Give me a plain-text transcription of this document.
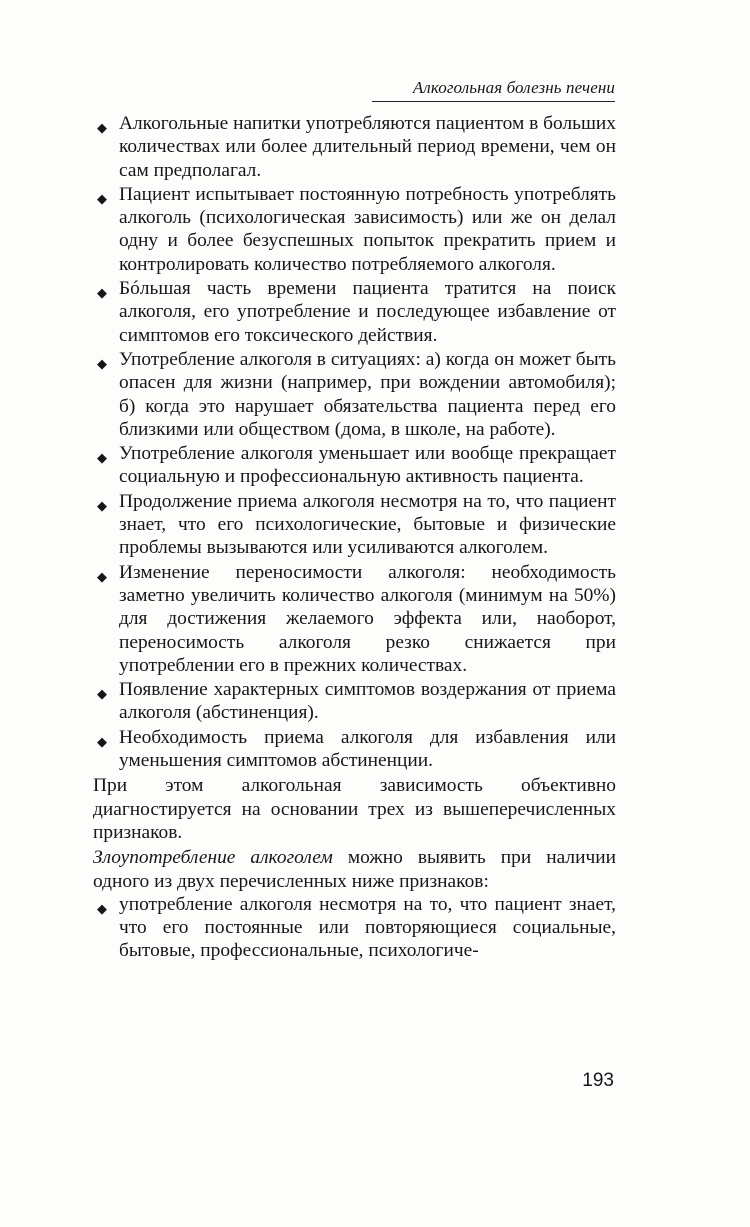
Алкогольная болезнь печени
◆ Алкогольные напитки употребляются пациентом в больших количествах или более длительный период времени, чем он сам предполагал.
◆ Пациент испытывает постоянную потребность употреблять алкоголь (психологическая зависимость) или же он делал одну и более безуспешных попыток прекратить прием и контролировать количество потребляемого алкоголя.
◆ Бóльшая часть времени пациента тратится на поиск алкоголя, его употребление и последующее избавление от симптомов его токсического действия.
◆ Употребление алкоголя в ситуациях: а) когда он может быть опасен для жизни (например, при вождении автомобиля); б) когда это нарушает обязательства пациента перед его близкими или обществом (дома, в школе, на работе).
◆ Употребление алкоголя уменьшает или вообще прекращает социальную и профессиональную активность пациента.
◆ Продолжение приема алкоголя несмотря на то, что пациент знает, что его психологические, бытовые и физические проблемы вызываются или усиливаются алкоголем.
◆ Изменение переносимости алкоголя: необходимость заметно увеличить количество алкоголя (минимум на 50%) для достижения желаемого эффекта или, наоборот, переносимость алкоголя резко снижается при употреблении его в прежних количествах.
◆ Появление характерных симптомов воздержания от приема алкоголя (абстиненция).
◆ Необходимость приема алкоголя для избавления или уменьшения симптомов абстиненции.

При этом алкогольная зависимость объективно диагностируется на основании трех из вышеперечисленных признаков.

Злоупотребление алкоголем можно выявить при наличии одного из двух перечисленных ниже признаков:

◆ употребление алкоголя несмотря на то, что пациент знает, что его постоянные или повторяющиеся социальные, бытовые, профессиональные, психологиче-
193
